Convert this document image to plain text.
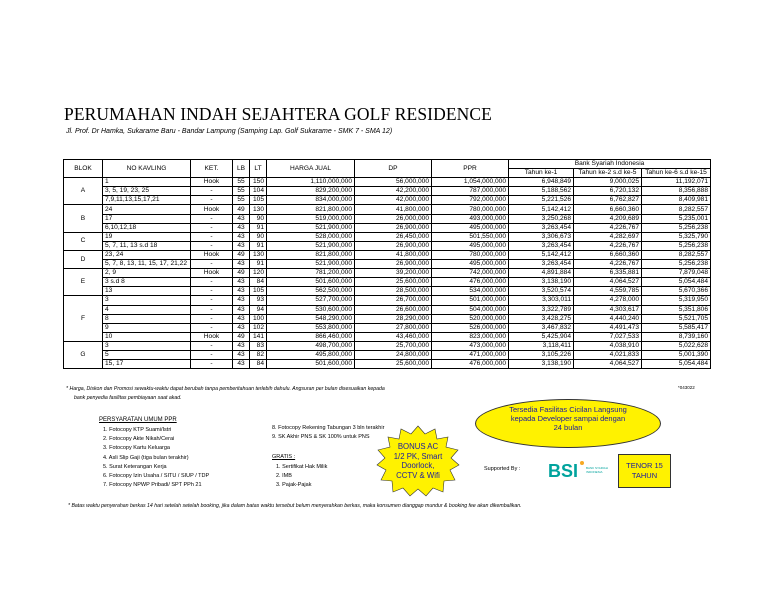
PERUMAHAN INDAH SEJAHTERA GOLF RESIDENCE
Jl. Prof. Dr Hamka, Sukarame Baru - Bandar Lampung (Samping Lap. Golf Sukarame - SMK 7 - SMA 12)
BLOK	NO KAVLING	KET.	LB	LT	HARGA JUAL	DP	PPR	Bank Syariah Indonesia		
								Tahun ke-1	Tahun ke-2 s.d ke-5	Tahun ke-6 s.d ke-15
A	1	Hook	55	150	1,110,000,000	56,000,000	1,054,000,000	6,948,849	9,000,025	11,192,071
	3, 5, 19, 23, 25	-	55	104	829,200,000	42,200,000	787,000,000	5,188,562	6,720,132	8,356,888
	7,9,11,13,15,17,21	-	55	105	834,000,000	42,000,000	792,000,000	5,221,526	6,762,827	8,409,981
B	24	Hook	49	130	821,800,000	41,800,000	780,000,000	5,142,412	6,660,360	8,282,557
	17	-	43	90	519,000,000	26,000,000	493,000,000	3,250,268	4,209,689	5,235,001
	6,10,12,18	-	43	91	521,900,000	26,900,000	495,000,000	3,263,454	4,226,767	5,256,238
C	19	-	43	90	528,000,000	26,450,000	501,550,000	3,306,673	4,282,697	5,325,790
	5, 7, 11, 13 s.d 18	-	43	91	521,900,000	26,900,000	495,000,000	3,263,454	4,226,767	5,256,238
D	23, 24	Hook	49	130	821,800,000	41,800,000	780,000,000	5,142,412	6,660,360	8,282,557
	5, 7, 8, 13, 11, 15, 17, 21,22	-	43	91	521,900,000	26,900,000	495,000,000	3,263,454	4,226,767	5,256,238
E	2, 9	Hook	49	120	781,200,000	39,200,000	742,000,000	4,891,884	6,335,881	7,879,048
	3 s.d 8	-	43	84	501,600,000	25,600,000	476,000,000	3,138,190	4,064,527	5,054,484
	13	-	43	105	562,500,000	28,500,000	534,000,000	3,520,574	4,559,785	5,670,366
F	3	-	43	93	527,700,000	26,700,000	501,000,000	3,303,011	4,278,000	5,319,950
	4	-	43	94	530,600,000	26,600,000	504,000,000	3,322,789	4,303,617	5,351,806
	8	-	43	100	548,290,000	28,290,000	520,000,000	3,428,275	4,440,240	5,521,705
	9	-	43	102	553,800,000	27,800,000	526,000,000	3,467,832	4,491,473	5,585,417
	10	Hook	49	141	866,460,000	43,460,000	823,000,000	5,425,904	7,027,533	8,739,160
G	3	-	43	83	498,700,000	25,700,000	473,000,000	3,118,411	4,038,910	5,022,628
	5	-	43	82	495,800,000	24,800,000	471,000,000	3,105,226	4,021,833	5,001,390
	15, 17	-	43	84	501,600,000	25,600,000	476,000,000	3,138,190	4,064,527	5,054,484
* Harga, Diskon dan Promosi sewaktu-waktu dapat berubah tanpa pemberitahuan terlebih dahulu. Angsuran per bulan disesuaikan kepada
bank penyedia fasilitas pembiayaan saat akad.
*043022
PERSYARATAN UMUM PPR
1. Fotocopy KTP Suami/Istri
2. Fotocopy Akte Nikah/Cerai
3. Fotocopy Kartu Keluarga
4. Asli Slip Gaji (tiga bulan terakhir)
5. Surat Keterangan Kerja
6. Fotocopy Izin Usaha / SITU / SIUP / TDP
7. Fotocopy NPWP Pribadi/ SPT PPh 21
8. Fotocopy Rekening Tabungan 3 bln terakhir
9. SK Akhir PNS & SK 100% untuk PNS
GRATIS :
1. Sertifikat Hak Milik
2. IMB
3. Pajak-Pajak
Tersedia Fasilitas Cicilan Langsung
kepada Developer sampai dengan
24 bulan
BONUS AC
1/2 PK, Smart
Doorlock,
CCTV & Wifi
Supported By : BSI	BANK SYARIAH
INDONESIA
TENOR 15
TAHUN
* Batas waktu penyerahan berkas 14 hari setelah setelah booking, jika dalam batas waktu tersebut belum menyerahkan berkas, maka konsumen dianggap mundur & booking fee akan dikembalikan.
